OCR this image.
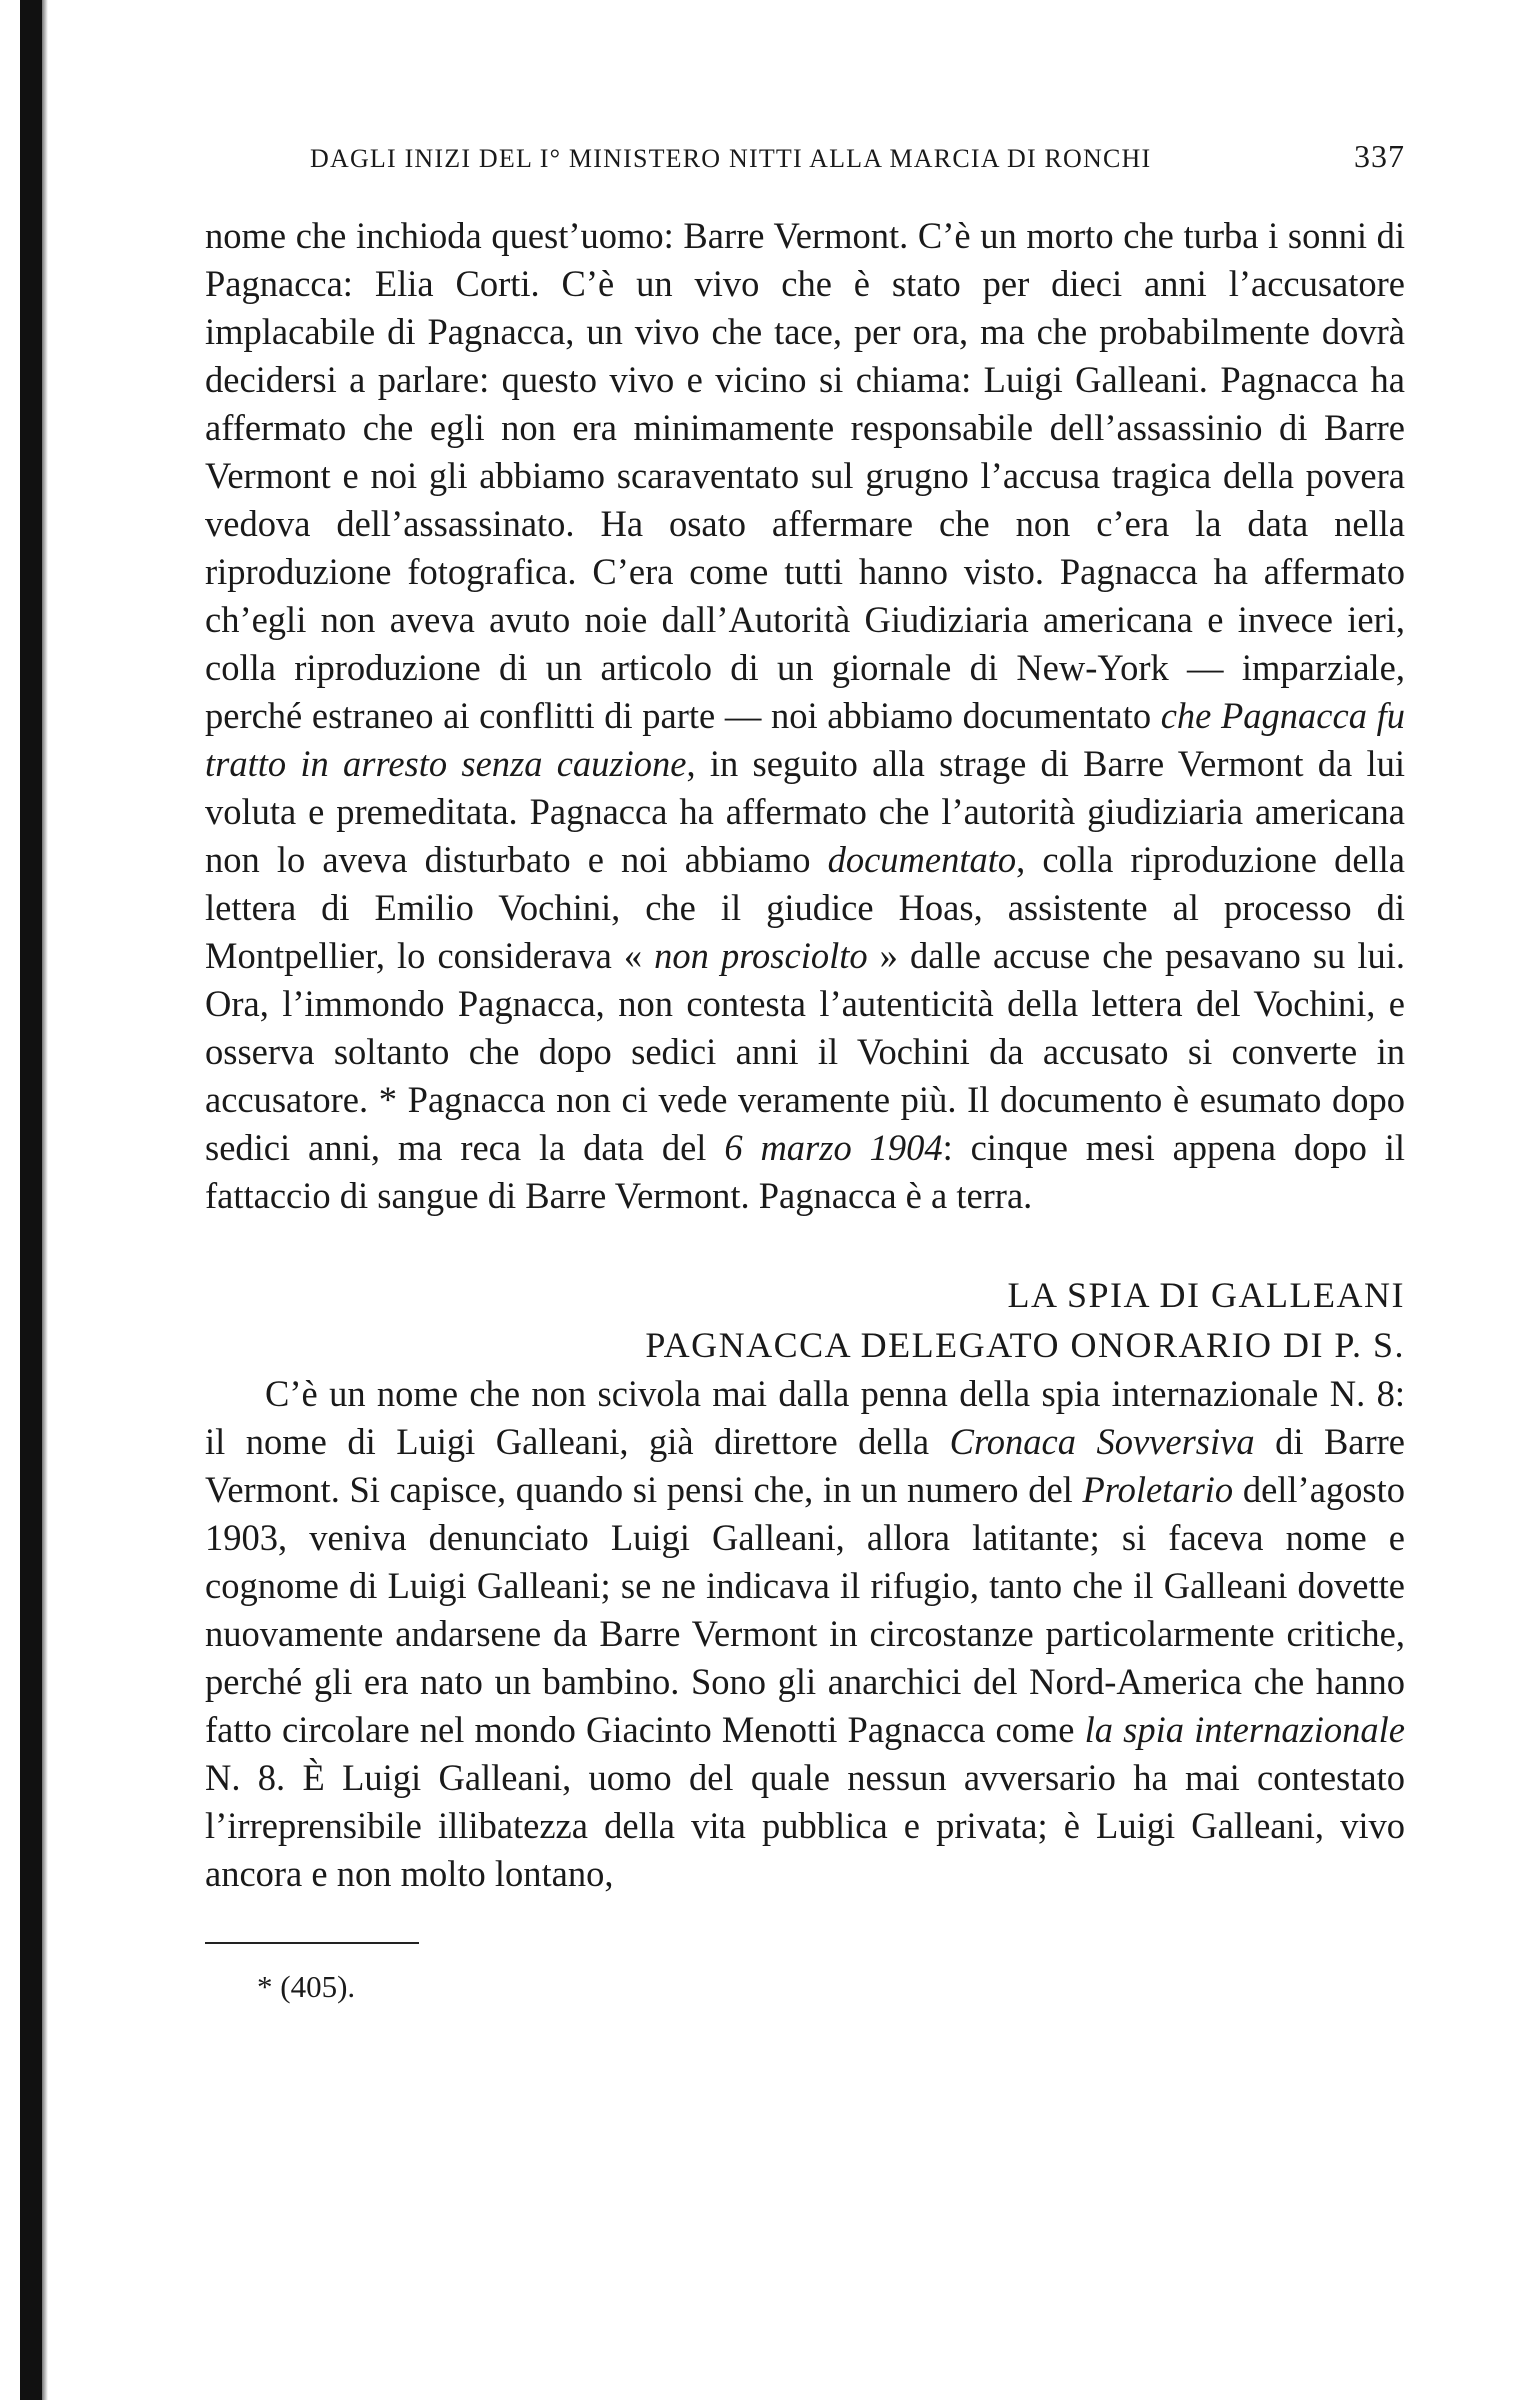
DAGLI INIZI DEL I° MINISTERO NITTI ALLA MARCIA DI RONCHI	337

nome che inchioda quest’uomo: Barre Vermont. C’è un morto che turba i sonni di Pagnacca: Elia Corti. C’è un vivo che è stato per dieci anni l’accusatore implacabile di Pagnacca, un vivo che tace, per ora, ma che probabilmente dovrà decidersi a parlare: questo vivo e vicino si chiama: Luigi Galleani. Pagnacca ha affermato che egli non era minimamente responsabile dell’assassinio di Barre Vermont e noi gli abbiamo scaraventato sul grugno l’accusa tragica della povera vedova dell’assassinato. Ha osato affermare che non c’era la data nella riproduzione fotografica. C’era come tutti hanno visto. Pagnacca ha affermato ch’egli non aveva avuto noie dall’Autorità Giudiziaria americana e invece ieri, colla riproduzione di un articolo di un giornale di New-York — imparziale, perché estraneo ai conflitti di parte — noi abbiamo documentato che Pagnacca fu tratto in arresto senza cauzione, in seguito alla strage di Barre Vermont da lui voluta e premeditata. Pagnacca ha affermato che l’autorità giudiziaria americana non lo aveva disturbato e noi abbiamo documentato, colla riproduzione della lettera di Emilio Vochini, che il giudice Hoas, assistente al processo di Montpellier, lo considerava « non prosciolto » dalle accuse che pesavano su lui. Ora, l’immondo Pagnacca, non contesta l’autenticità della lettera del Vochini, e osserva soltanto che dopo sedici anni il Vochini da accusato si converte in accusatore. * Pagnacca non ci vede veramente più. Il documento è esumato dopo sedici anni, ma reca la data del 6 marzo 1904: cinque mesi appena dopo il fattaccio di sangue di Barre Vermont. Pagnacca è a terra.

LA SPIA DI GALLEANI
PAGNACCA DELEGATO ONORARIO DI P. S.

C’è un nome che non scivola mai dalla penna della spia internazionale N. 8: il nome di Luigi Galleani, già direttore della Cronaca Sovversiva di Barre Vermont. Si capisce, quando si pensi che, in un numero del Proletario dell’agosto 1903, veniva denunciato Luigi Galleani, allora latitante; si faceva nome e cognome di Luigi Galleani; se ne indicava il rifugio, tanto che il Galleani dovette nuovamente andarsene da Barre Vermont in circostanze particolarmente critiche, perché gli era nato un bambino. Sono gli anarchici del Nord-America che hanno fatto circolare nel mondo Giacinto Menotti Pagnacca come la spia internazionale N. 8. È Luigi Galleani, uomo del quale nessun avversario ha mai contestato l’irreprensibile illibatezza della vita pubblica e privata; è Luigi Galleani, vivo ancora e non molto lontano,

* (405).
